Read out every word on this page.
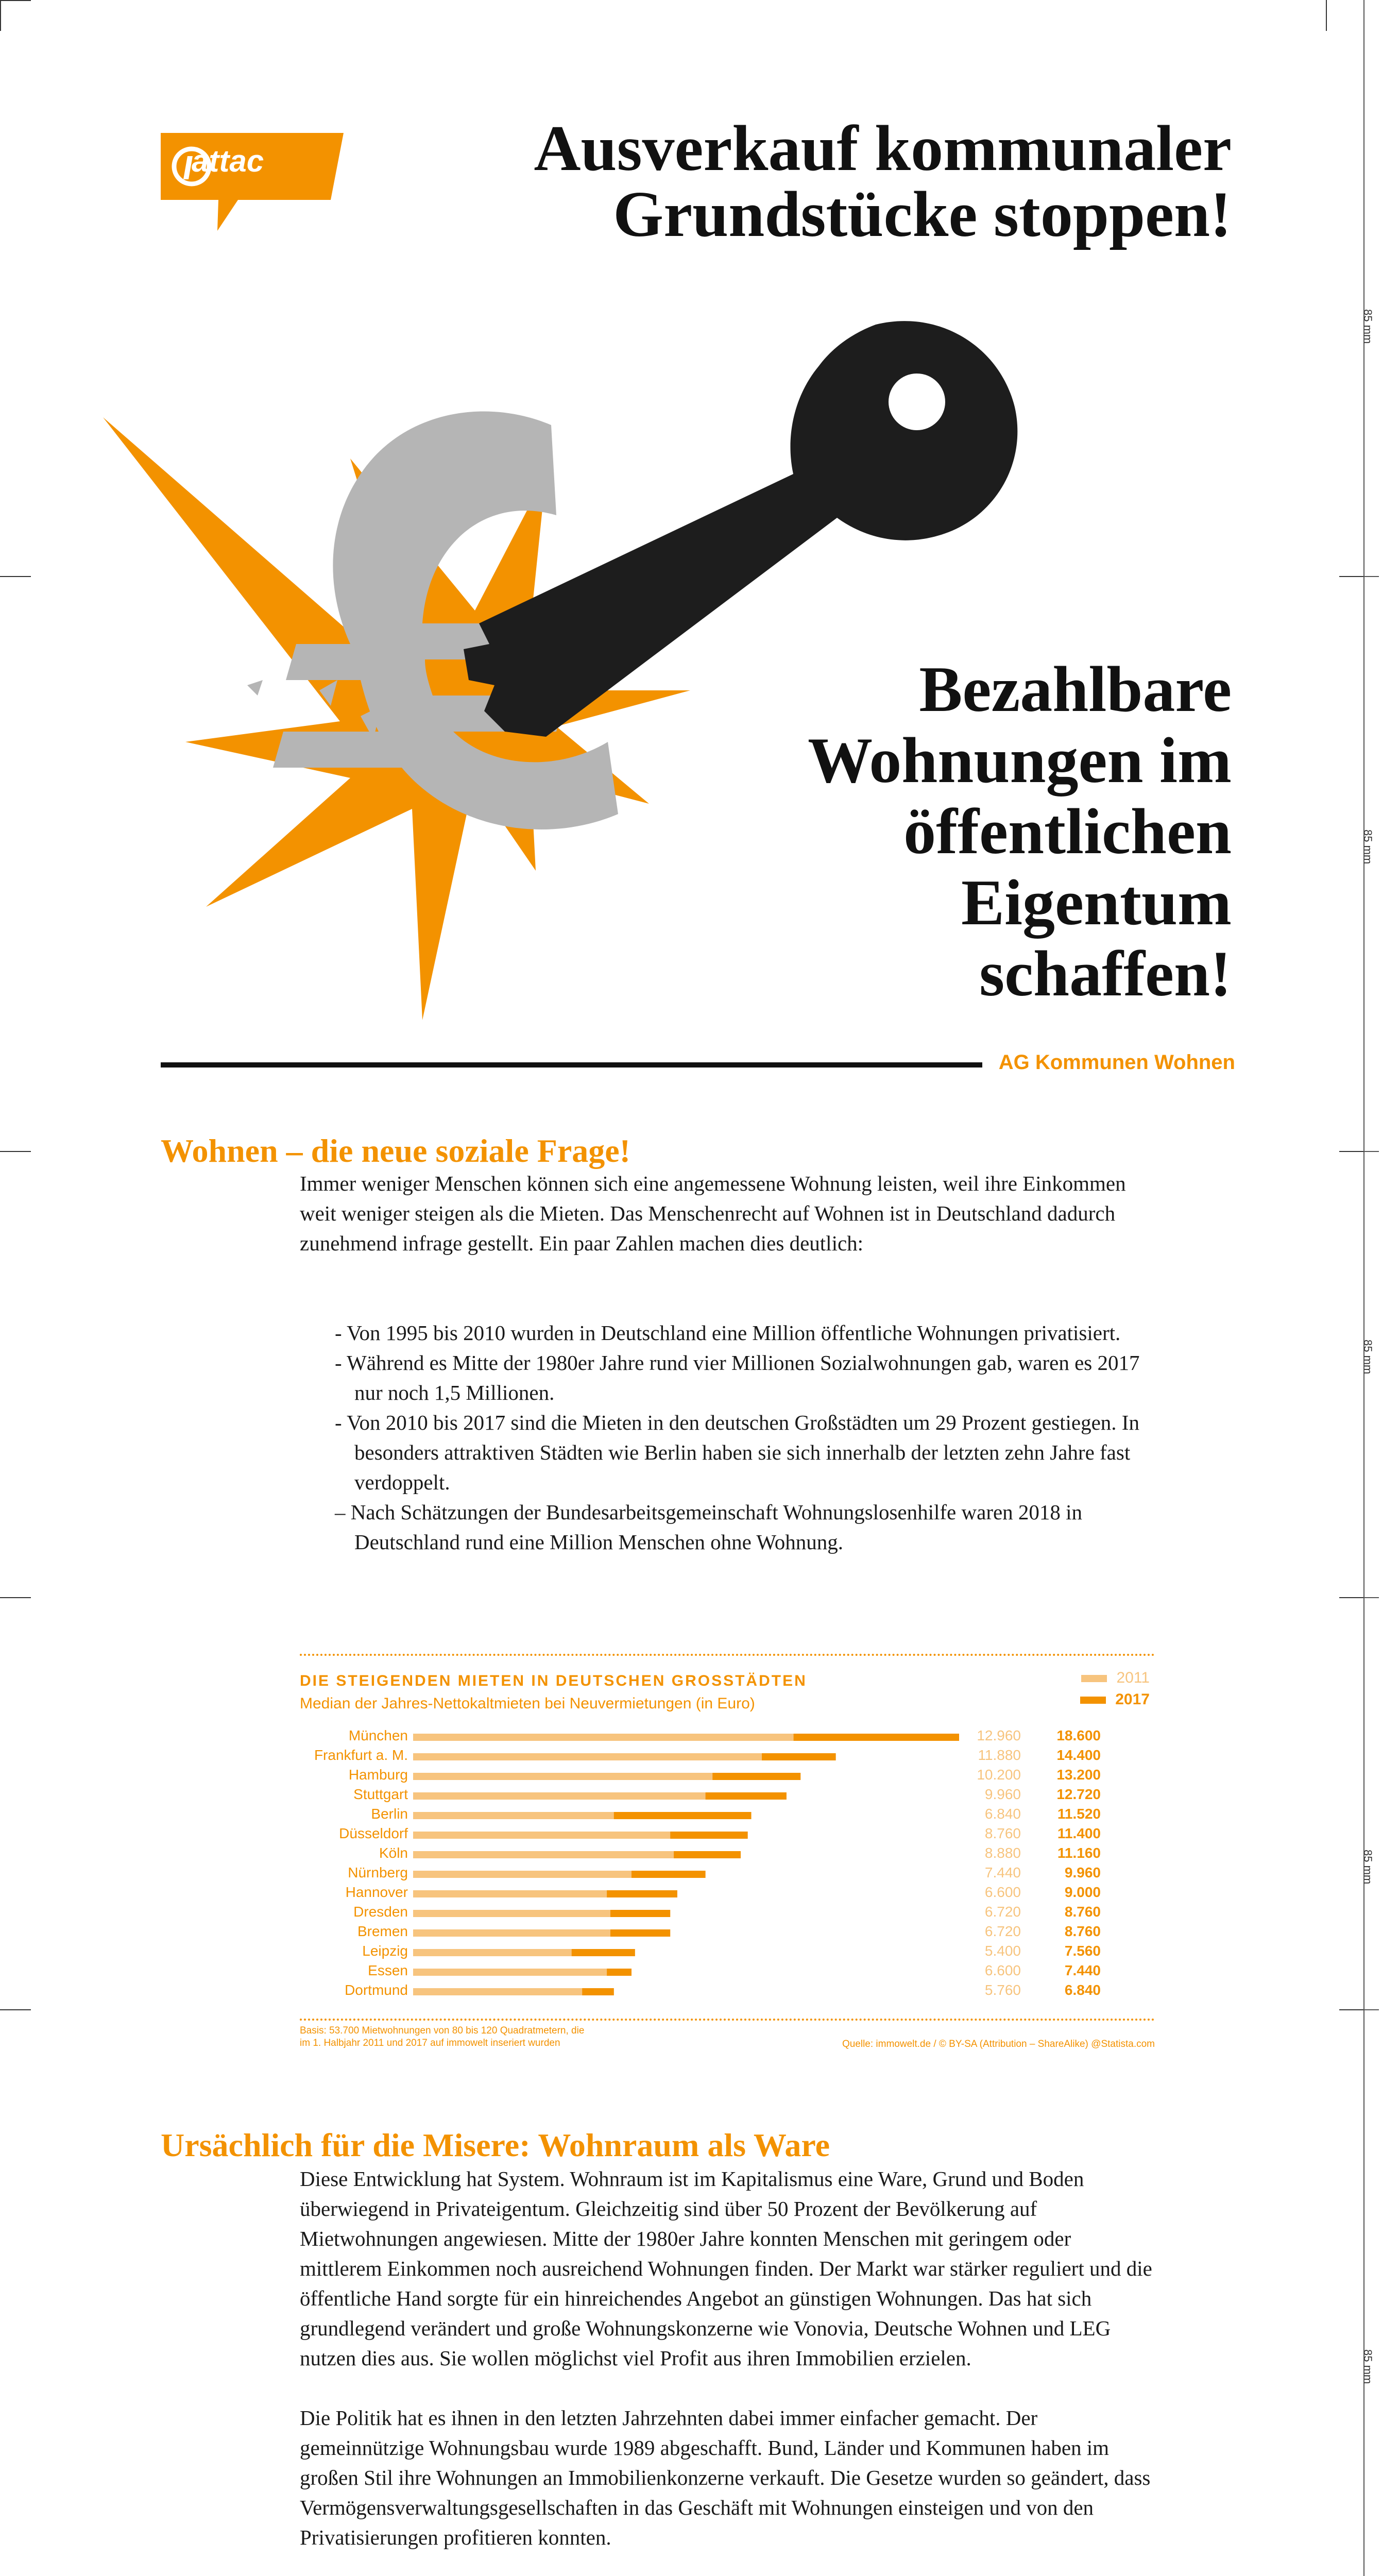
85 mm
85 mm
85 mm
85 mm
85 mm
attac	Ausverkauf kommunaler
Grundstücke stoppen!
Bezahlbare
Wohnungen im
öffentlichen
Eigentum
schaffen!
AG Kommunen Wohnen
Wohnen – die neue soziale Frage!

Immer weniger Menschen können sich eine angemessene Wohnung leisten, weil ihre Einkommen weit weniger steigen als die Mieten. Das Menschenrecht auf Wohnen ist in Deutschland dadurch zunehmend infrage gestellt. Ein paar Zahlen machen dies deutlich:

- Von 1995 bis 2010 wurden in Deutschland eine Million öffentliche Wohnungen privatisiert.
- Während es Mitte der 1980er Jahre rund vier Millionen Sozialwohnungen gab, waren es 2017 nur noch 1,5 Millionen.
- Von 2010 bis 2017 sind die Mieten in den deutschen Großstädten um 29 Prozent gestiegen. In besonders attraktiven Städten wie Berlin haben sie sich innerhalb der letzten zehn Jahre fast verdoppelt.
– Nach Schätzungen der Bundesarbeitsgemeinschaft Wohnungslosenhilfe waren 2018 in Deutschland rund eine Million Menschen ohne Wohnung.
DIE STEIGENDEN MIETEN IN DEUTSCHEN GROSSTÄDTEN
Median der Jahres-Nettokaltmieten bei Neuvermietungen (in Euro)
2011
2017
München	12.960 18.600
Frankfurt a. M.	11.880 14.400
Hamburg	10.200 13.200
Stuttgart	9.960 12.720
Berlin	6.840	11.520
Düsseldorf	8.760	11.400
Köln	8.880	11.160
Nürnberg	7.440	9.960
Hannover	6.600	9.000
Dresden	6.720	8.760
Bremen	6.720	8.760
Leipzig	5.400	7.560
Essen	6.600	7.440
Dortmund	5.760	6.840
Basis: 53.700 Mietwohnungen von 80 bis 120 Quadratmetern, die
im 1. Halbjahr 2011 und 2017 auf immowelt inseriert wurden	Quelle: immowelt.de / © BY-SA (Attribution – ShareAlike) @Statista.com
Ursächlich für die Misere: Wohnraum als Ware

Diese Entwicklung hat System. Wohnraum ist im Kapitalismus eine Ware, Grund und Boden überwiegend in Privateigentum. Gleichzeitig sind über 50 Prozent der Bevölkerung auf Mietwohnungen angewiesen. Mitte der 1980er Jahre konnten Menschen mit geringem oder mittlerem Einkommen noch ausreichend Wohnungen finden. Der Markt war stärker reguliert und die öffentliche Hand sorgte für ein hinreichendes Angebot an günstigen Wohnungen. Das hat sich grundlegend verändert und große Wohnungskonzerne wie Vonovia, Deutsche Wohnen und LEG nutzen dies aus. Sie wollen möglichst viel Profit aus ihren Immobilien erzielen.

Die Politik hat es ihnen in den letzten Jahrzehnten dabei immer einfacher gemacht. Der gemeinnützige Wohnungsbau wurde 1989 abgeschafft. Bund, Länder und Kommunen haben im großen Stil ihre Wohnungen an Immobilienkonzerne verkauft. Die Gesetze wurden so geändert, dass Vermögensverwaltungsgesellschaften in das Geschäft mit Wohnungen einsteigen und von den Privatisierungen profitieren konnten.
